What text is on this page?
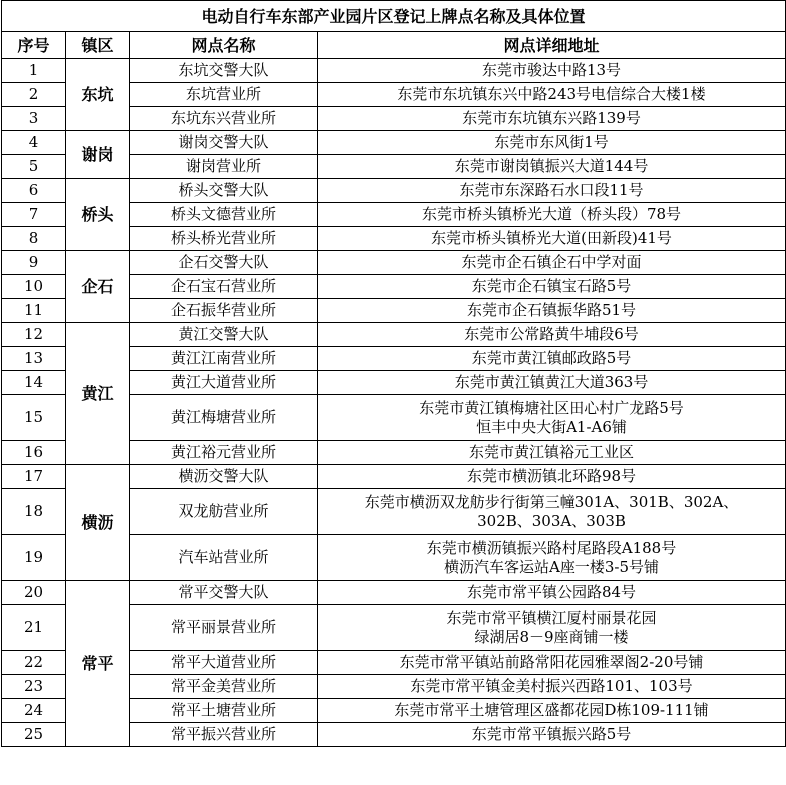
电动自行车东部产业园片区登记上牌点名称及具体位置			
序号	镇区	网点名称	网点详细地址
1	东坑	东坑交警大队	东莞市骏达中路13号

2		东坑营业所	东莞市东坑镇东兴中路243号电信综合大楼1楼

3		东坑东兴营业所	东莞市东坑镇东兴路139号

4	谢岗	谢岗交警大队	东莞市东风街1号

5		谢岗营业所	东莞市谢岗镇振兴大道144号

6	桥头	桥头交警大队	东莞市东深路石水口段11号

7		桥头文德营业所	东莞市桥头镇桥光大道（桥头段）78号

8		桥头桥光营业所	东莞市桥头镇桥光大道(田新段)41号

9	企石	企石交警大队	东莞市企石镇企石中学对面

10		企石宝石营业所	东莞市企石镇宝石路5号

11		企石振华营业所	东莞市企石镇振华路51号

12	黄江	黄江交警大队	东莞市公常路黄牛埔段6号

13		黄江江南营业所	东莞市黄江镇邮政路5号

14		黄江大道营业所	东莞市黄江镇黄江大道363号

15		黄江梅塘营业所	东莞市黄江镇梅塘社区田心村广龙路5号
恒丰中央大街A1-A6铺

16		黄江裕元营业所	东莞市黄江镇裕元工业区

17	横沥	横沥交警大队	东莞市横沥镇北环路98号

18		双龙舫营业所	东莞市横沥双龙舫步行街第三幢301A、301B、302A、
302B、303A、303B

19		汽车站营业所	东莞市横沥镇振兴路村尾路段A188号
横沥汽车客运站A座一楼3-5号铺

20	常平	常平交警大队	东莞市常平镇公园路84号

21		常平丽景营业所	东莞市常平镇横江厦村丽景花园
绿湖居8－9座商铺一楼

22		常平大道营业所	东莞市常平镇站前路常阳花园雅翠阁2-20号铺

23		常平金美营业所	东莞市常平镇金美村振兴西路101、103号

24		常平土塘营业所	东莞市常平土塘管理区盛都花园D栋109-111铺

25		常平振兴营业所	东莞市常平镇振兴路5号
